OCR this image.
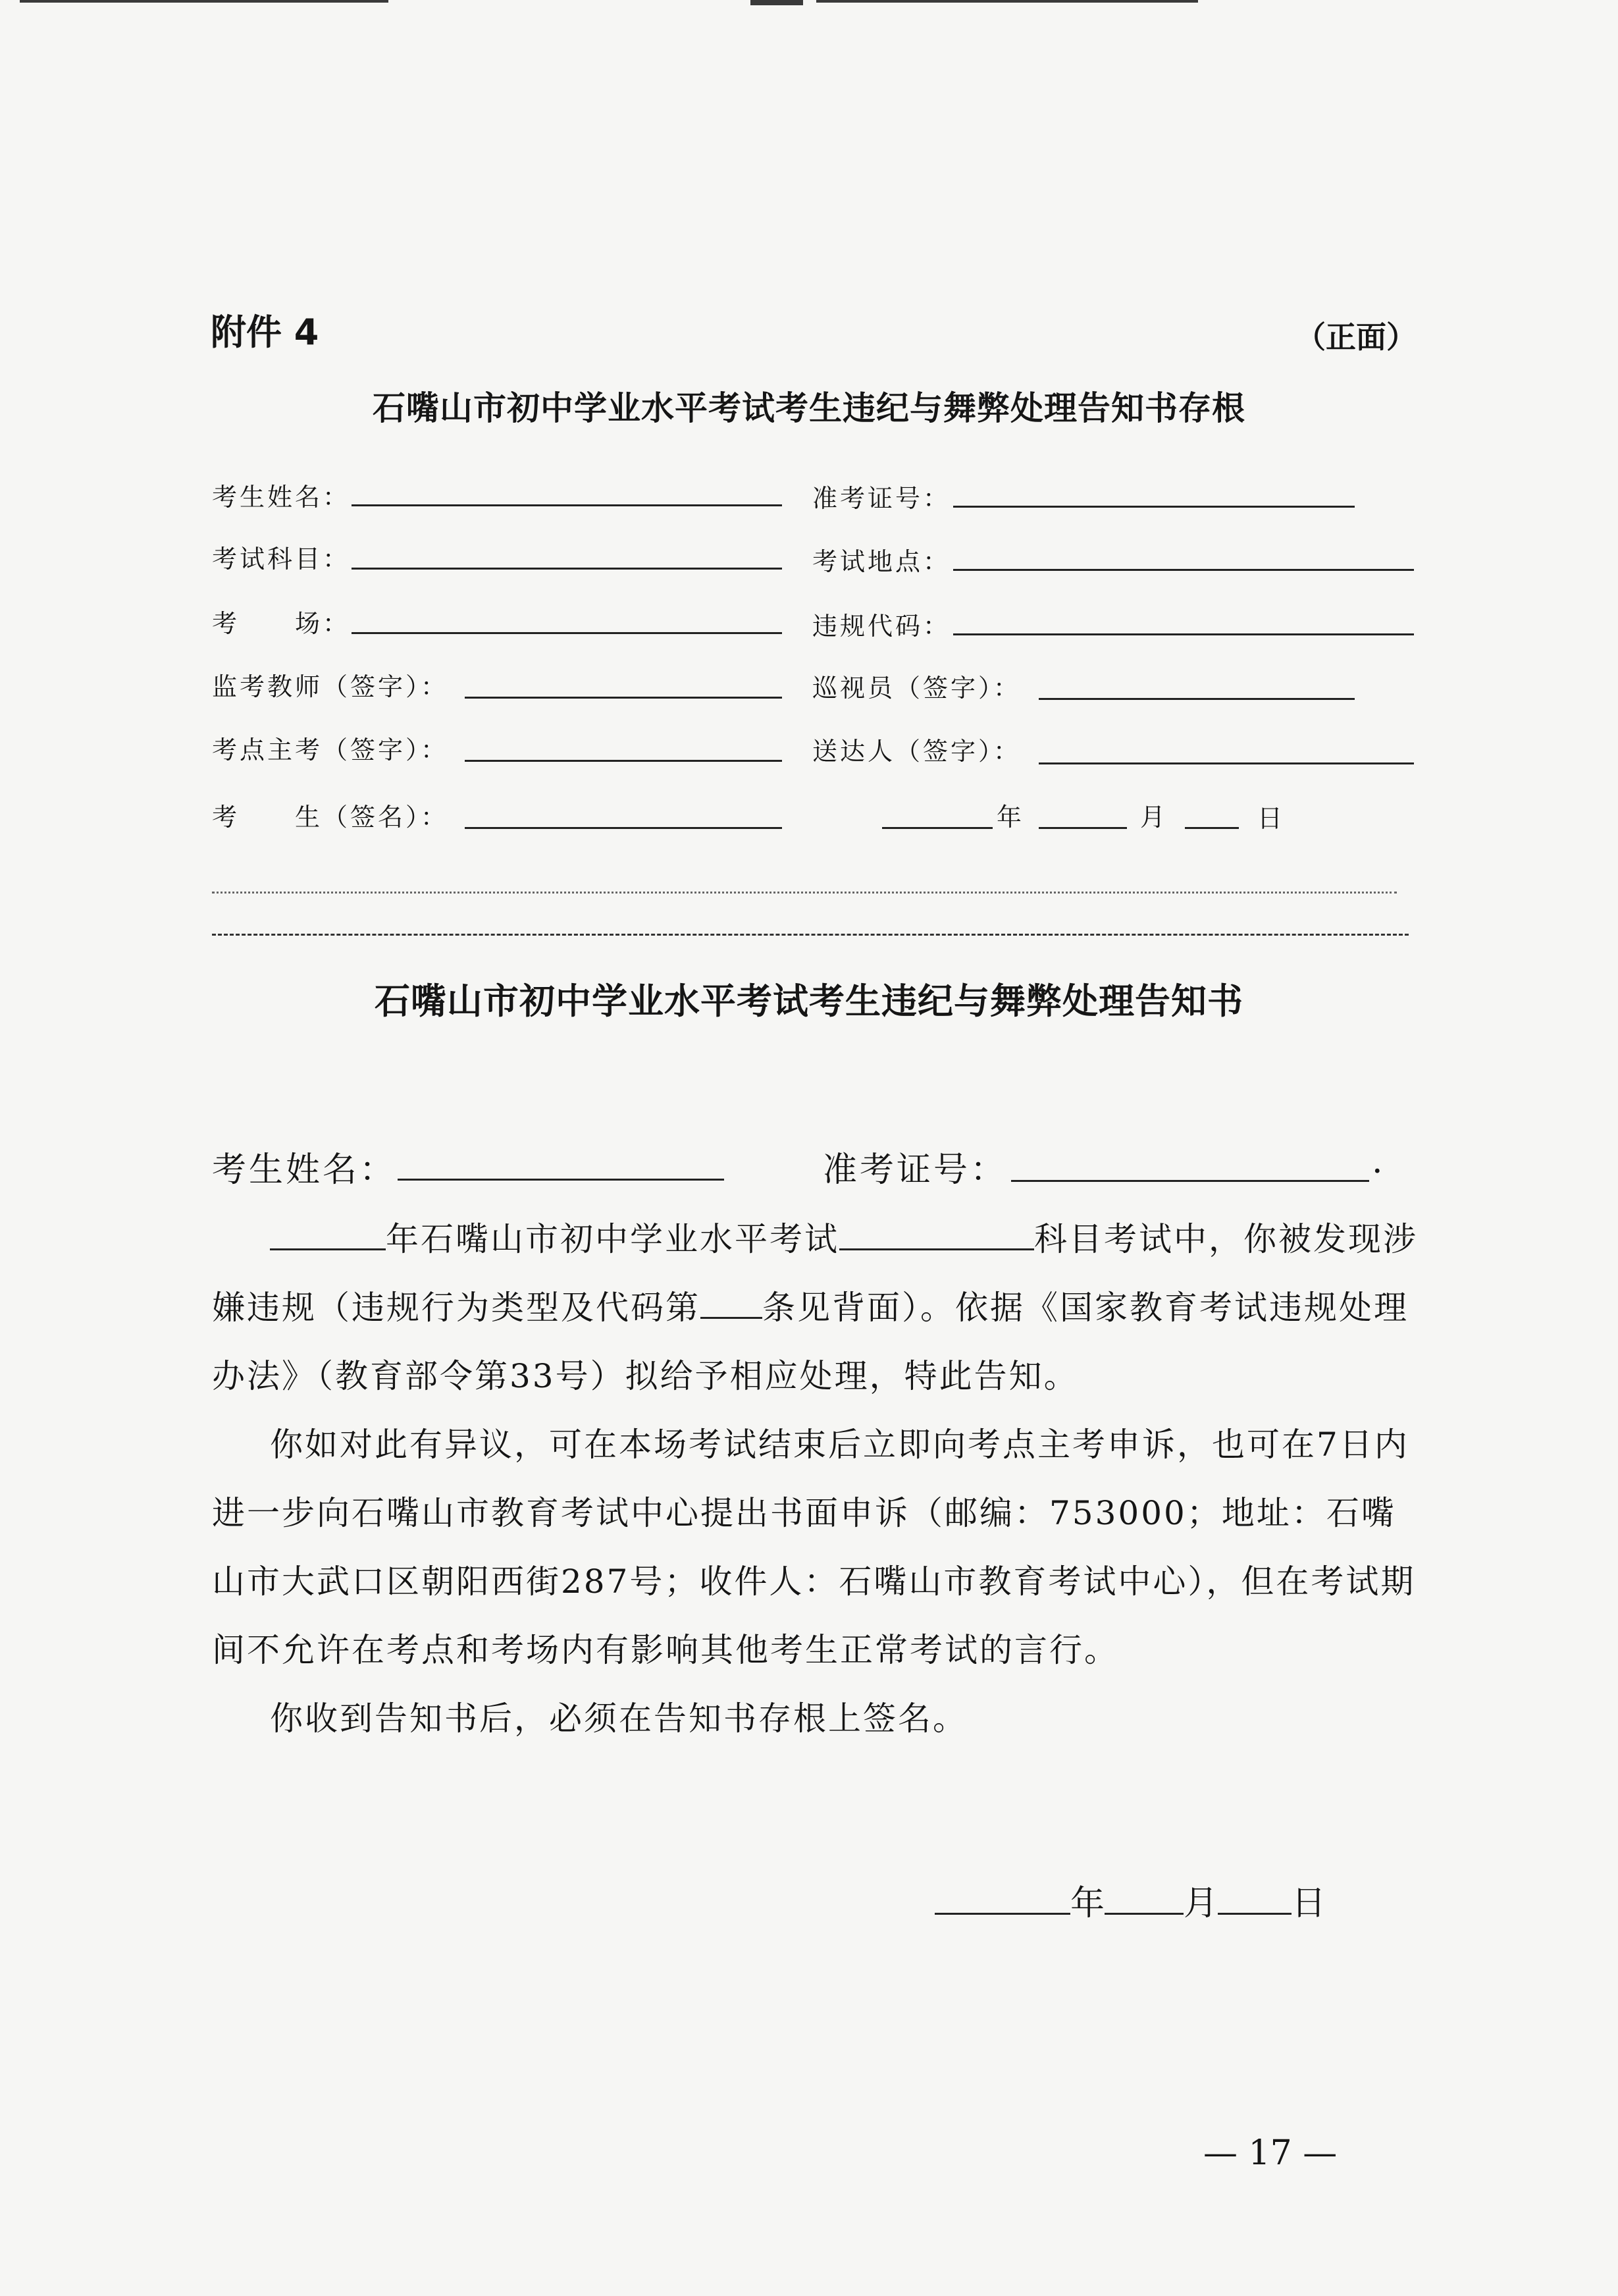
附件 4	（正面）
石嘴山市初中学业水平考试考生违纪与舞弊处理告知书存根
考生姓名：	准考证号：
考试科目：	考试地点：
考　　场：	违规代码：
监考教师（签字）：	巡视员（签字）：
考点主考（签字）：	送达人（签字）：
考　　生（签名）：	年	月	日
石嘴山市初中学业水平考试考生违纪与舞弊处理告知书
考生姓名：	准考证号：	.

年石嘴山市初中学业水平考试	科目考试中，你被发现涉嫌违规（违规行为类型及代码第 条见背面）。依据《国家教育考试违规处理办法》（教育部令第33号）拟给予相应处理，特此告知。

你如对此有异议，可在本场考试结束后立即向考点主考申诉，也可在7日内进一步向石嘴山市教育考试中心提出书面申诉（邮编：753000；地址：石嘴山市大武口区朝阳西街287号；收件人：石嘴山市教育考试中心），但在考试期间不允许在考点和考场内有影响其他考生正常考试的言行。

你收到告知书后，必须在告知书存根上签名。

年 月 日
— 17 —
